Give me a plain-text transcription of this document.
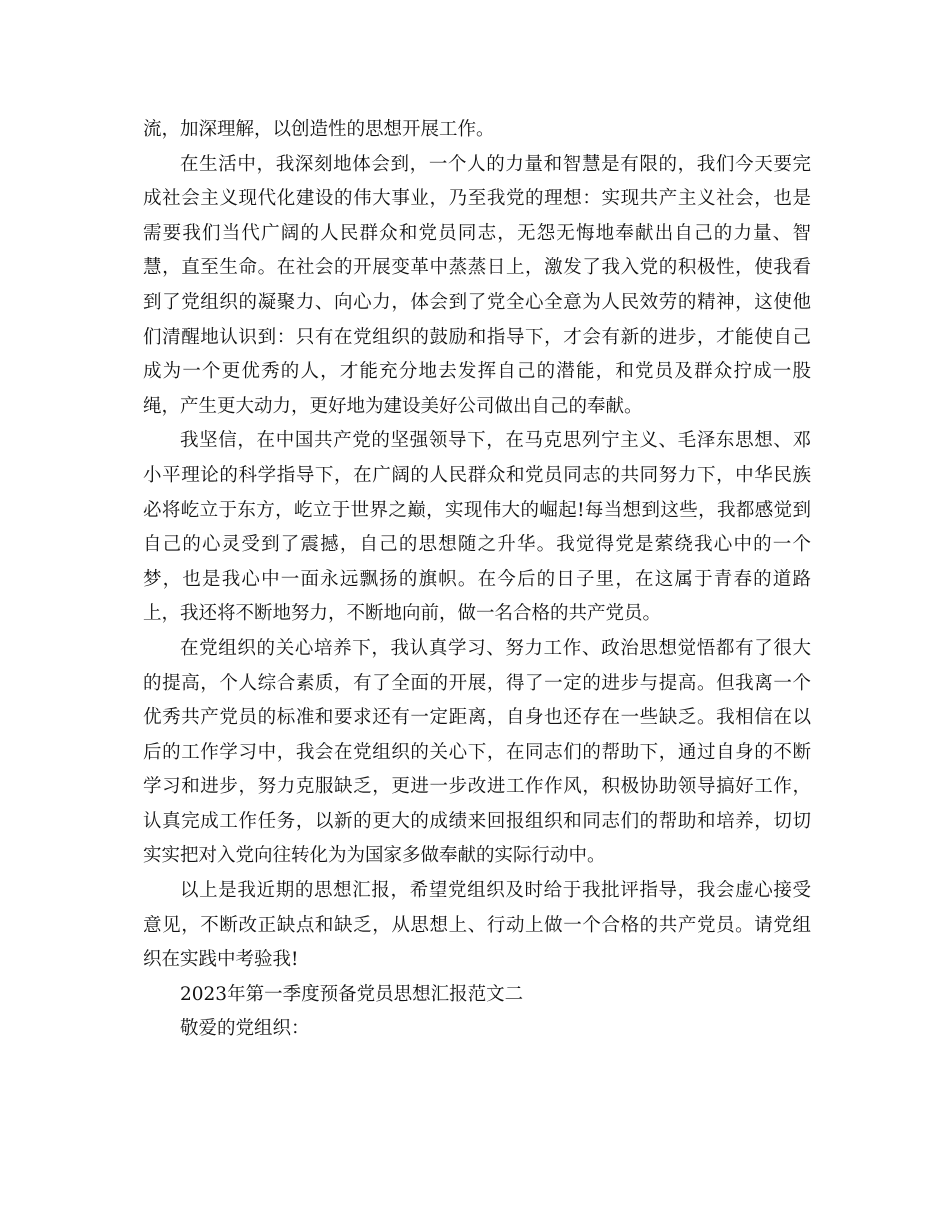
流，加深理解，以创造性的思想开展工作。
在生活中，我深刻地体会到，一个人的力量和智慧是有限的，我们今天要完
成社会主义现代化建设的伟大事业，乃至我党的理想：实现共产主义社会，也是
需要我们当代广阔的人民群众和党员同志，无怨无悔地奉献出自己的力量、智
慧，直至生命。在社会的开展变革中蒸蒸日上，激发了我入党的积极性，使我看
到了党组织的凝聚力、向心力，体会到了党全心全意为人民效劳的精神，这使他
们清醒地认识到：只有在党组织的鼓励和指导下，才会有新的进步，才能使自己
成为一个更优秀的人，才能充分地去发挥自己的潜能，和党员及群众拧成一股
绳，产生更大动力，更好地为建设美好公司做出自己的奉献。
我坚信，在中国共产党的坚强领导下，在马克思列宁主义、毛泽东思想、邓
小平理论的科学指导下，在广阔的人民群众和党员同志的共同努力下，中华民族
必将屹立于东方，屹立于世界之巅，实现伟大的崛起!每当想到这些，我都感觉到
自己的心灵受到了震撼，自己的思想随之升华。我觉得党是萦绕我心中的一个
梦，也是我心中一面永远飘扬的旗帜。在今后的日子里，在这属于青春的道路
上，我还将不断地努力，不断地向前，做一名合格的共产党员。
在党组织的关心培养下，我认真学习、努力工作、政治思想觉悟都有了很大
的提高，个人综合素质，有了全面的开展，得了一定的进步与提高。但我离一个
优秀共产党员的标准和要求还有一定距离，自身也还存在一些缺乏。我相信在以
后的工作学习中，我会在党组织的关心下，在同志们的帮助下，通过自身的不断
学习和进步，努力克服缺乏，更进一步改进工作作风，积极协助领导搞好工作，
认真完成工作任务，以新的更大的成绩来回报组织和同志们的帮助和培养，切切
实实把对入党向往转化为为国家多做奉献的实际行动中。
以上是我近期的思想汇报，希望党组织及时给于我批评指导，我会虚心接受
意见，不断改正缺点和缺乏，从思想上、行动上做一个合格的共产党员。请党组
织在实践中考验我!
2023年第一季度预备党员思想汇报范文二
敬爱的党组织：
